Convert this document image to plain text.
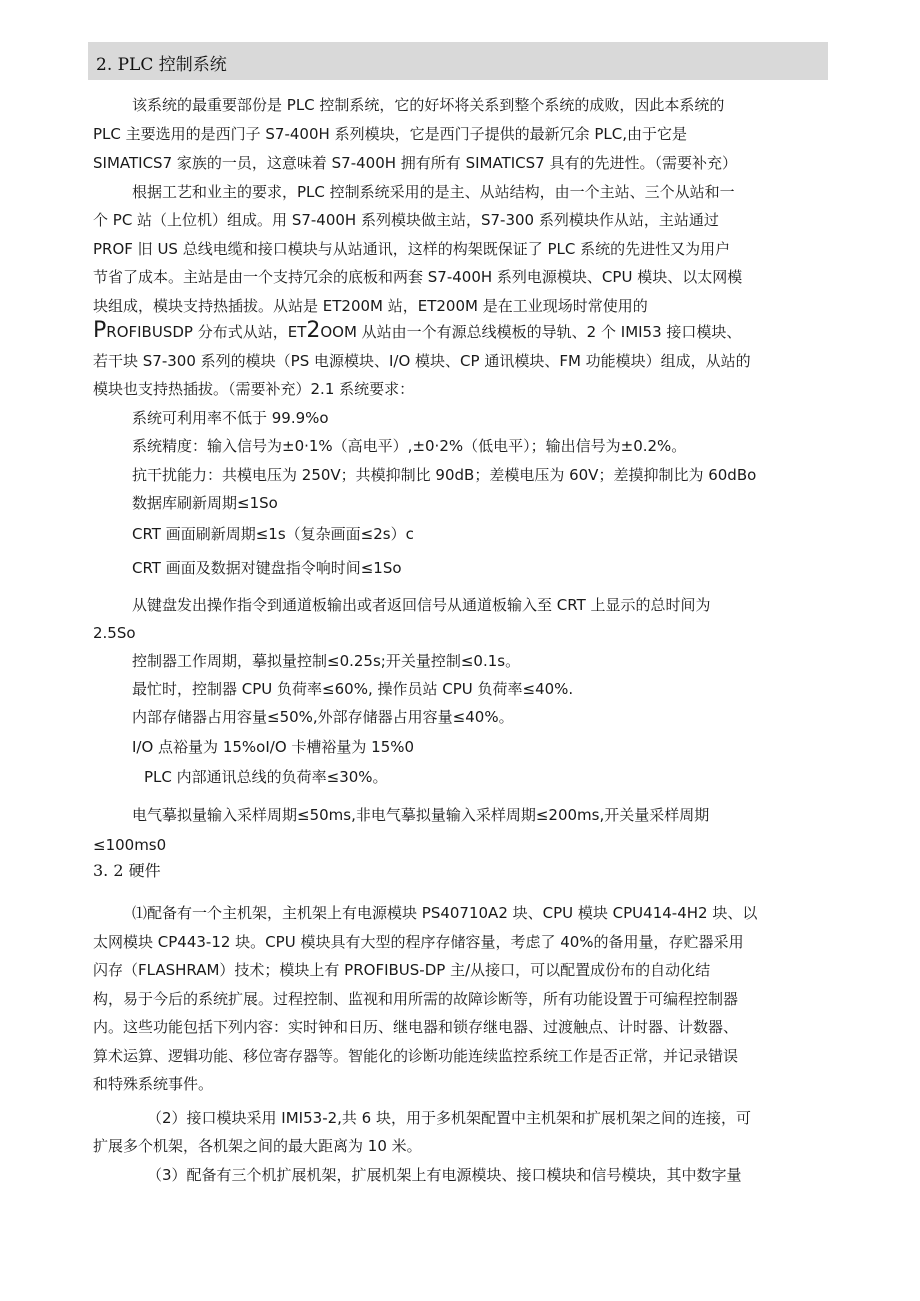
2. PLC 控制系统
该系统的最重要部份是 PLC 控制系统，它的好坏将关系到整个系统的成败，因此本系统的
PLC 主要选用的是西门子 S7-400H 系列模块，它是西门子提供的最新冗余 PLC,由于它是
SIMATICS7 家族的一员，这意味着 S7-400H 拥有所有 SIMATICS7 具有的先进性。（需要补充）
根据工艺和业主的要求，PLC 控制系统采用的是主、从站结构，由一个主站、三个从站和一
个 PC 站（上位机）组成。用 S7-400H 系列模块做主站，S7-300 系列模块作从站，主站通过
PROF 旧 US 总线电缆和接口模块与从站通讯，这样的构架既保证了 PLC 系统的先进性又为用户
节省了成本。主站是由一个支持冗余的底板和两套 S7-400H 系列电源模块、CPU 模块、以太网模
块组成，模块支持热插拔。从站是 ET200M 站，ET200M 是在工业现场时常使用的
PROFIBUSDP 分布式从站，ET2OOM 从站由一个有源总线模板的导轨、2 个 IMI53 接口模块、
若干块 S7-300 系列的模块（PS 电源模块、I/O 模块、CP 通讯模块、FM 功能模块）组成，从站的
模块也支持热插拔。（需要补充）2.1 系统要求：
系统可利用率不低于 99.9%o
系统精度：输入信号为±0·1%（高电平）,±0·2%（低电平）；输出信号为±0.2%。
抗干扰能力：共模电压为 250V；共模抑制比 90dB；差模电压为 60V；差摸抑制比为 60dBo
数据库刷新周期≤1So
CRT 画面刷新周期≤1s（复杂画面≤2s）c
CRT 画面及数据对键盘指令响时间≤1So
从键盘发出操作指令到通道板输出或者返回信号从通道板输入至 CRT 上显示的总时间为
2.5So
控制器工作周期，摹拟量控制≤0.25s;开关量控制≤0.1s。
最忙时，控制器 CPU 负荷率≤60%, 操作员站 CPU 负荷率≤40%.
内部存储器占用容量≤50%,外部存储器占用容量≤40%。
I/O 点裕量为 15%oI/O 卡槽裕量为 15%0
PLC 内部通讯总线的负荷率≤30%。
电气摹拟量输入采样周期≤50ms,非电气摹拟量输入采样周期≤200ms,开关量采样周期
≤100ms0
3. 2 硬件
⑴配备有一个主机架，主机架上有电源模块 PS40710A2 块、CPU 模块 CPU414-4H2 块、以
太网模块 CP443-12 块。CPU 模块具有大型的程序存储容量，考虑了 40%的备用量，存贮器采用
闪存（FLASHRAM）技术；模块上有 PROFIBUS-DP 主/从接口，可以配置成份布的自动化结
构，易于今后的系统扩展。过程控制、监视和用所需的故障诊断等，所有功能设置于可编程控制器
内。这些功能包括下列内容：实时钟和日历、继电器和锁存继电器、过渡触点、计时器、计数器、
算术运算、逻辑功能、移位寄存器等。智能化的诊断功能连续监控系统工作是否正常，并记录错误
和特殊系统事件。
（2）接口模块采用 IMI53-2,共 6 块，用于多机架配置中主机架和扩展机架之间的连接，可
扩展多个机架，各机架之间的最大距离为 10 米。
（3）配备有三个机扩展机架，扩展机架上有电源模块、接口模块和信号模块，其中数字量
